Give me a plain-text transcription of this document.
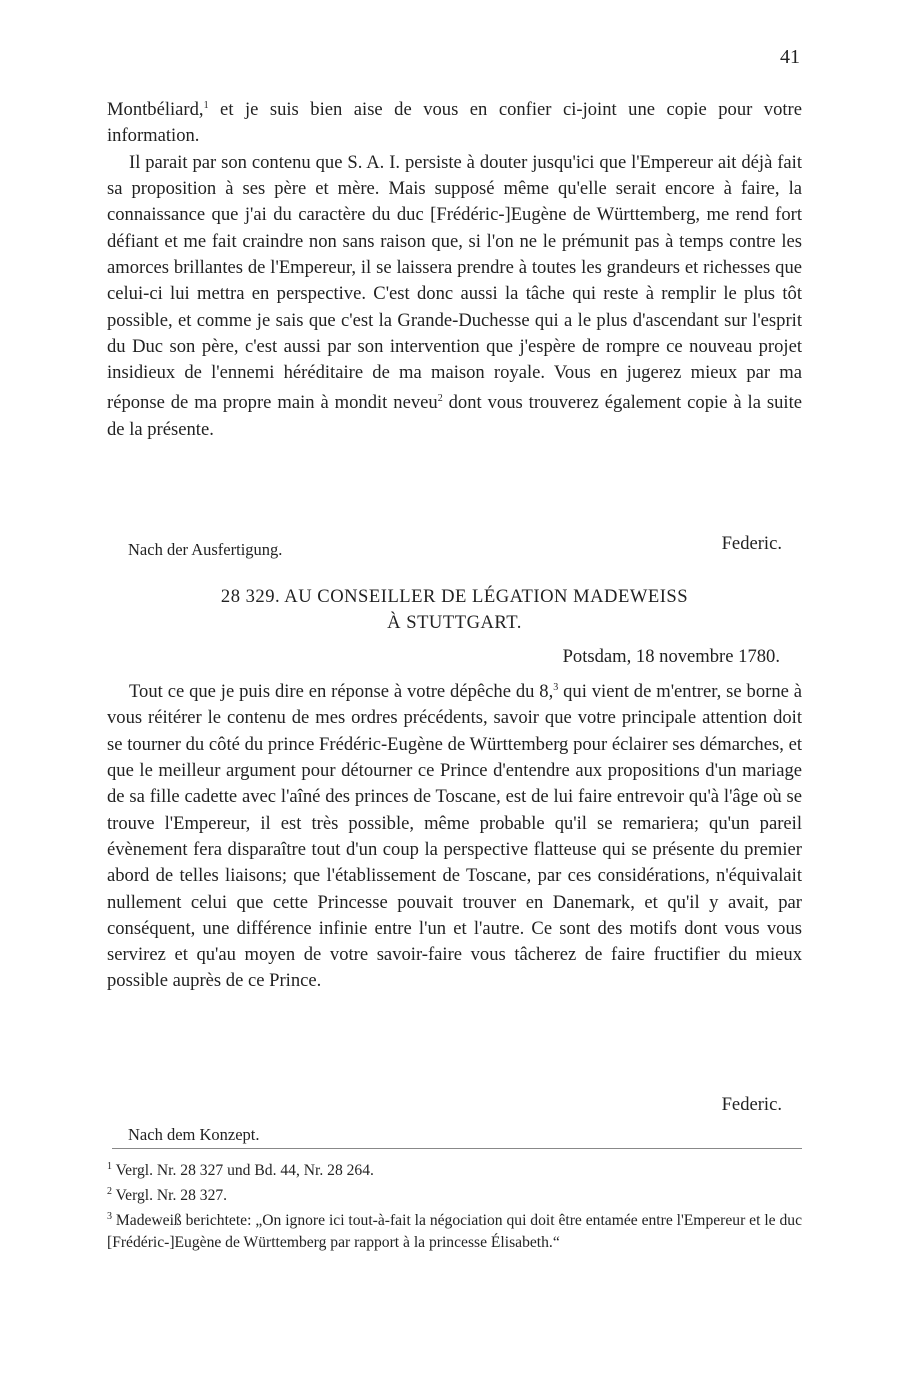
41

Montbéliard,$^1$ et je suis bien aise de vous en confier ci-joint une copie pour votre information.

Il parait par son contenu que S. A. I. persiste à douter jusqu'ici que l'Empereur ait déjà fait sa proposition à ses père et mère. Mais supposé même qu'elle serait encore à faire, la connaissance que j'ai du caractère du duc [Frédéric-]Eugène de Württemberg, me rend fort défiant et me fait craindre non sans raison que, si l'on ne le prémunit pas à temps contre les amorces brillantes de l'Empereur, il se laissera prendre à toutes les grandeurs et richesses que celui-ci lui mettra en perspective. C'est donc aussi la tâche qui reste à remplir le plus tôt possible, et comme je sais que c'est la Grande-Duchesse qui a le plus d'ascendant sur l'esprit du Duc son père, c'est aussi par son intervention que j'espère de rompre ce nouveau projet insidieux de l'ennemi héréditaire de ma maison royale. Vous en jugerez mieux par ma réponse de ma propre main à mondit neveu$^2$ dont vous trouverez également copie à la suite de la présente.

Nach der Ausfertigung.	Federic.

28 329. AU CONSEILLER DE LÉGATION MADEWEISS
À STUTTGART.
Potsdam, 18 novembre 1780.

Tout ce que je puis dire en réponse à votre dépêche du 8,$^3$ qui vient de m'entrer, se borne à vous réitérer le contenu de mes ordres précédents, savoir que votre principale attention doit se tourner du côté du prince Frédéric-Eugène de Württemberg pour éclairer ses démarches, et que le meilleur argument pour détourner ce Prince d'entendre aux propositions d'un mariage de sa fille cadette avec l'aîné des princes de Toscane, est de lui faire entrevoir qu'à l'âge où se trouve l'Empereur, il est très possible, même probable qu'il se remariera; qu'un pareil évènement fera disparaître tout d'un coup la perspective flatteuse qui se présente du premier abord de telles liaisons; que l'établissement de Toscane, par ces considérations, n'équivalait nullement celui que cette Princesse pouvait trouver en Danemark, et qu'il y avait, par conséquent, une différence infinie entre l'un et l'autre. Ce sont des motifs dont vous vous servirez et qu'au moyen de votre savoir-faire vous tâcherez de faire fructifier du mieux possible auprès de ce Prince.

Federic.

Nach dem Konzept.

$^1$ Vergl. Nr. 28 327 und Bd. 44, Nr. 28 264.

$^2$ Vergl. Nr. 28 327.

$^3$ Madeweiß berichtete: „On ignore ici tout-à-fait la négociation qui doit être entamée entre l'Empereur et le duc [Frédéric-]Eugène de Württemberg par rapport à la princesse Élisabeth.“
